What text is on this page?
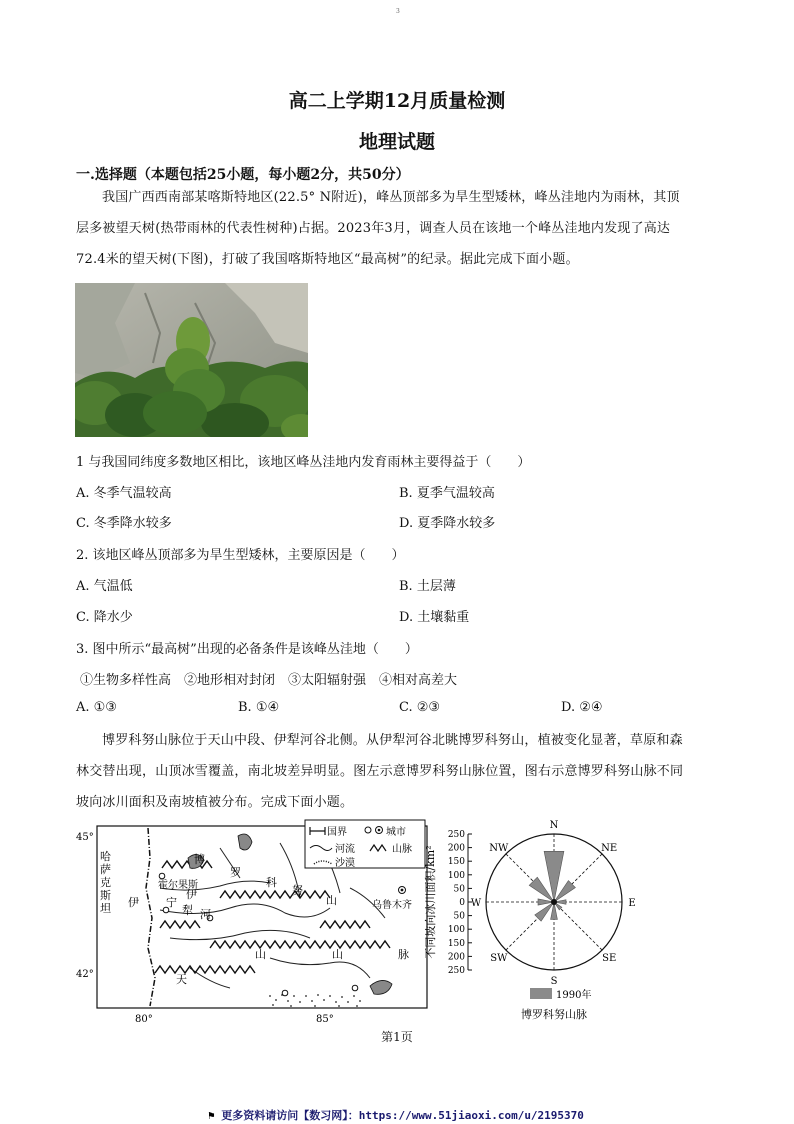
3
高二上学期12月质量检测
地理试题
一.选择题（本题包括25小题，每小题2分，共50分）

我国广西西南部某喀斯特地区(22.5° N附近)，峰丛顶部多为旱生型矮林，峰丛洼地内为雨林，其顶

层多被望天树(热带雨林的代表性树种)占据。2023年3月，调查人员在该地一个峰丛洼地内发现了高达

72.4米的望天树(下图)，打破了我国喀斯特地区“最高树”的纪录。据此完成下面小题。

1 与我国同纬度多数地区相比，该地区峰丛洼地内发育雨林主要得益于（　　）
A. 冬季气温较高	B. 夏季气温较高
C. 冬季降水较多	D. 夏季降水较多
2. 该地区峰丛顶部多为旱生型矮林，主要原因是（　　）
A. 气温低	B. 土层薄
C. 降水少	D. 土壤黏重
3. 图中所示“最高树”出现的必备条件是该峰丛洼地（　　）
①生物多样性高　②地形相对封闭　③太阳辐射强　④相对高差大
A. ①③	B. ①④	C. ②③	D. ②④

博罗科努山脉位于天山中段、伊犁河谷北侧。从伊犁河谷北眺博罗科努山，植被变化显著，草原和森

林交替出现，山顶冰雪覆盖，南北坡差异明显。图左示意博罗科努山脉位置，图右示意博罗科努山脉不同

坡向冰川面积及南坡植被分布。完成下面小题。

45°
42°
80°	85°
哈
萨
克
斯
坦
霍尔果斯
伊 宁	乌鲁木齐
博
罗
科
努
山
伊
犁 河
天
山	山	脉
国界	城市
河流	山脉
沙漠
250
200
150
100
50
0
50
100
150
200
250
不同坡向冰川面积/km²
N
NE
E
SE
S
SW
W
NW
1990年
博罗科努山脉
第1页
⚑ 更多资料请访问【数习网】：https://www.51jiaoxi.com/u/2195370
